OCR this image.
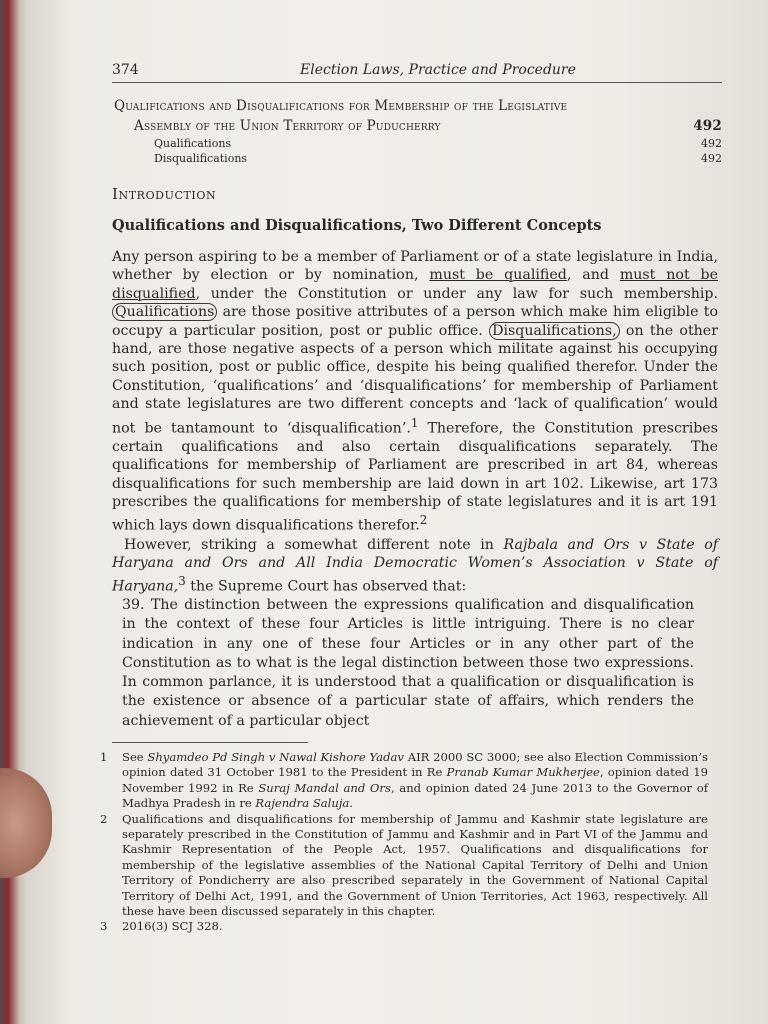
374	Election Laws, Practice and Procedure
Qualifications and Disqualifications for Membership of the Legislative
Assembly of the Union Territory of Puducherry	492
Qualifications	492
Disqualifications	492
Introduction
Qualifications and Disqualifications, Two Different Concepts

Any person aspiring to be a member of Parliament or of a state legislature in India, whether by election or by nomination, must be qualified, and must not be disqualified, under the Constitution or under any law for such membership. Qualifications are those positive attributes of a person which make him eligible to occupy a particular position, post or public office. Disqualifications, on the other hand, are those negative aspects of a person which militate against his occupying such position, post or public office, despite his being qualified therefor. Under the Constitution, ‘qualifications’ and ‘disqualifications’ for membership of Parliament and state legislatures are two different concepts and ‘lack of qualification’ would not be tantamount to ‘disqualification’.$^1$ Therefore, the Constitution prescribes certain qualifications and also certain disqualifications separately. The qualifications for membership of Parliament are prescribed in art 84, whereas disqualifications for such membership are laid down in art 102. Likewise, art 173 prescribes the qualifications for membership of state legislatures and it is art 191 which lays down disqualifications therefor.$^2$

However, striking a somewhat different note in Rajbala and Ors v State of Haryana and Ors and All India Democratic Women’s Association v State of Haryana,$^3$ the Supreme Court has observed that:

39. The distinction between the expressions qualification and disqualification in the context of these four Articles is little intriguing. There is no clear indication in any one of these four Articles or in any other part of the Constitution as to what is the legal distinction between those two expressions. In common parlance, it is understood that a qualification or disqualification is the existence or absence of a particular state of affairs, which renders the achievement of a particular object
1 See Shyamdeo Pd Singh v Nawal Kishore Yadav AIR 2000 SC 3000; see also Election Commission’s opinion dated 31 October 1981 to the President in Re Pranab Kumar Mukherjee, opinion dated 19 November 1992 in Re Suraj Mandal and Ors, and opinion dated 24 June 2013 to the Governor of Madhya Pradesh in re Rajendra Saluja.
2 Qualifications and disqualifications for membership of Jammu and Kashmir state legislature are separately prescribed in the Constitution of Jammu and Kashmir and in Part VI of the Jammu and Kashmir Representation of the People Act, 1957. Qualifications and disqualifications for membership of the legislative assemblies of the National Capital Territory of Delhi and Union Territory of Pondicherry are also prescribed separately in the Government of National Capital Territory of Delhi Act, 1991, and the Government of Union Territories, Act 1963, respectively. All these have been discussed separately in this chapter.
3 2016(3) SCJ 328.
